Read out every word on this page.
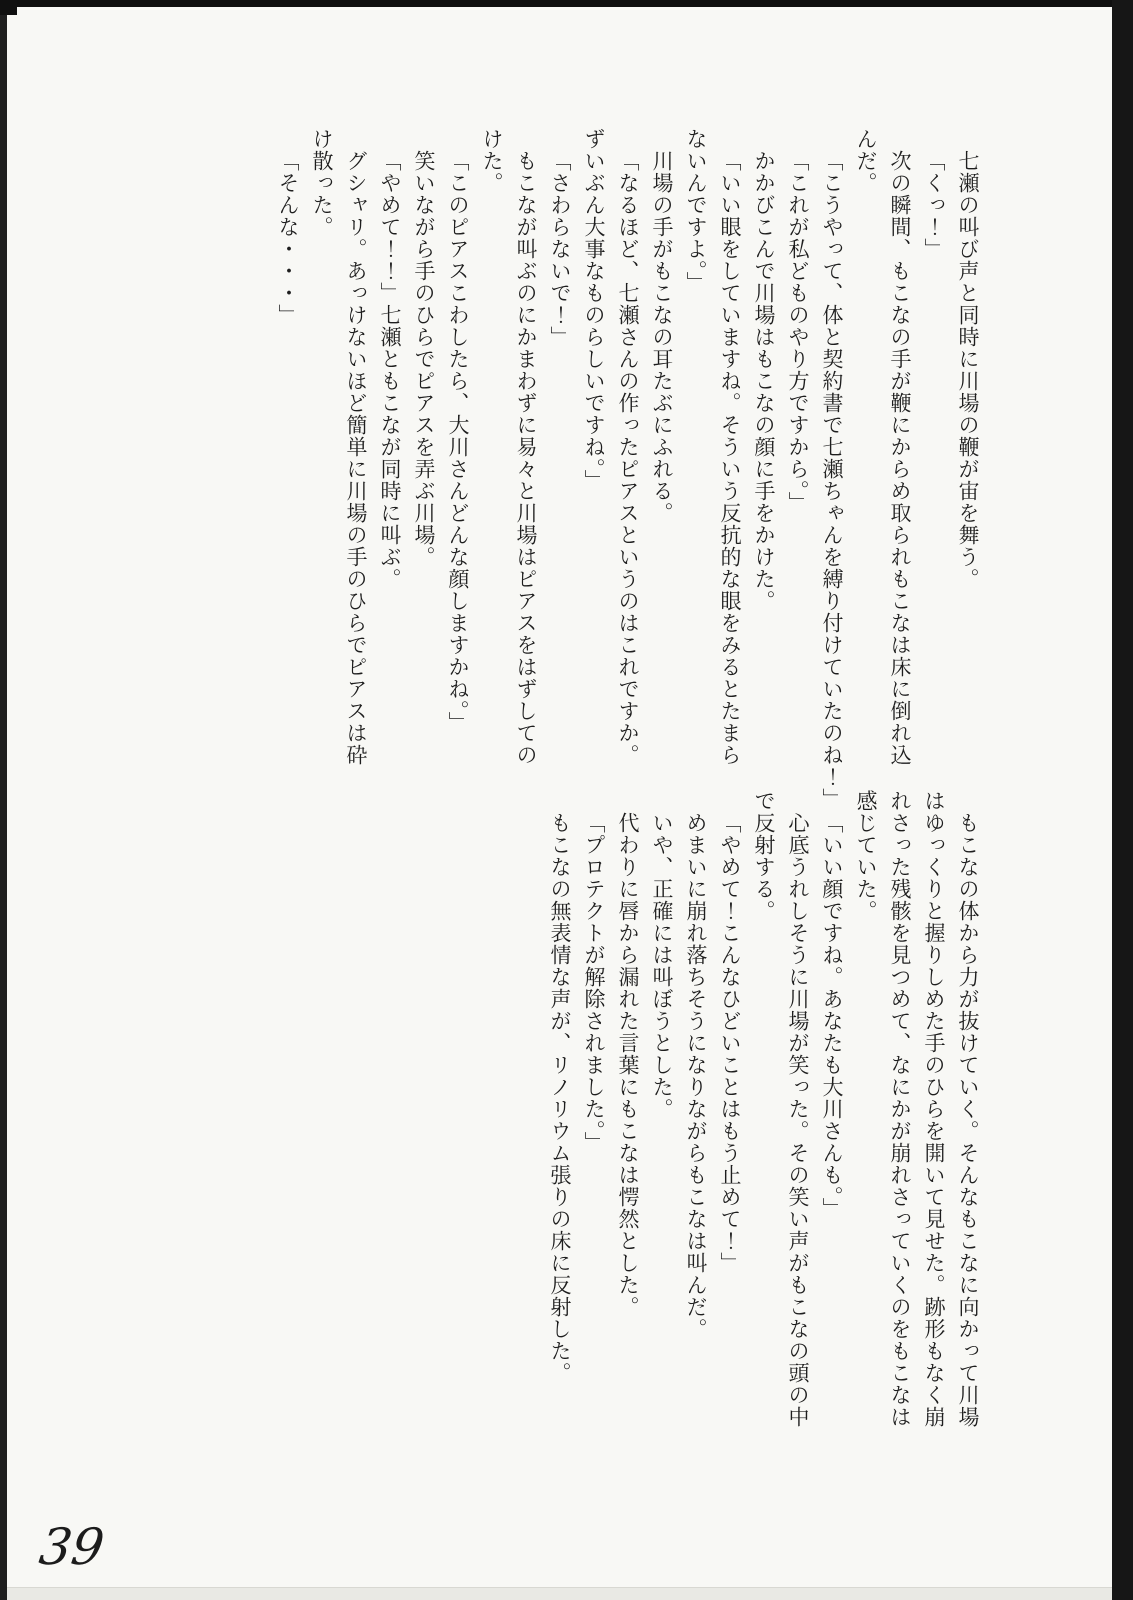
七瀬の叫び声と同時に川場の鞭が宙を舞う。

「くっ！」

次の瞬間、もこなの手が鞭にからめ取られもこなは床に倒れ込

んだ。

「こうやって、体と契約書で七瀬ちゃんを縛り付けていたのね！」

「これが私どものやり方ですから。」

かかびこんで川場はもこなの顔に手をかけた。

「いい眼をしていますね。そういう反抗的な眼をみるとたまら

ないんですよ。」

川場の手がもこなの耳たぶにふれる。

「なるほど、七瀬さんの作ったピアスというのはこれですか。

ずいぶん大事なものらしいですね。」

「さわらないで！」

もこなが叫ぶのにかまわずに易々と川場はピアスをはずしての

けた。

「このピアスこわしたら、大川さんどんな顔しますかね。」

笑いながら手のひらでピアスを弄ぶ川場。

「やめて！！」七瀬ともこなが同時に叫ぶ。

グシャリ。あっけないほど簡単に川場の手のひらでピアスは砕

け散った。

「そんな・・・」

もこなの体から力が抜けていく。そんなもこなに向かって川場

はゆっくりと握りしめた手のひらを開いて見せた。跡形もなく崩

れさった残骸を見つめて、なにかが崩れさっていくのをもこなは

感じていた。

「いい顔ですね。あなたも大川さんも。」

心底うれしそうに川場が笑った。その笑い声がもこなの頭の中

で反射する。

「やめて！こんなひどいことはもう止めて！」

めまいに崩れ落ちそうになりながらもこなは叫んだ。

いや、正確には叫ぼうとした。

代わりに唇から漏れた言葉にもこなは愕然とした。

「プロテクトが解除されました。」

もこなの無表情な声が、リノリウム張りの床に反射した。

39
